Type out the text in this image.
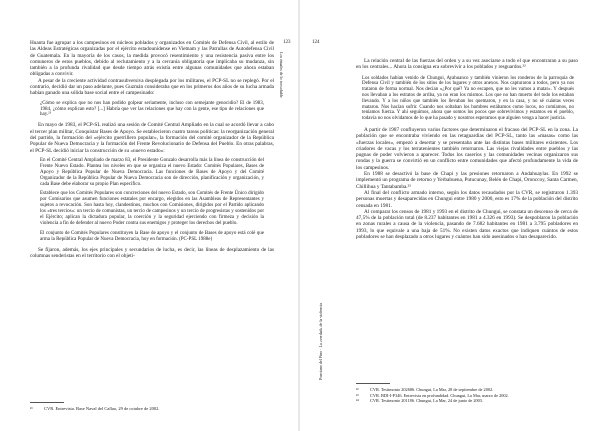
Huanta fue agrupar a los campesinos en núcleos poblados y organizados en Comités de Defensa Civil, al estilo de las Aldeas Estratégicas organizadas por el ejército estadounidense en Vietnam y las Patrullas de Autodefensa Civil de Guatemala. En la mayoría de los casos, la medida provocó resentimiento y una resistencia pasiva entre los comuneros de estos pueblos, debido al reclutamiento y a la cercanía obligatoria que implicaba su mudanza, sin también a la profunda rivalidad que desde tiempo atrás existía entre algunas comunidades que ahora estaban obligadas a convivir.

A pesar de la creciente actividad contrasubversiva desplegada por los militares, el PCP-SL no se replegó. Por el contrario, decidió dar un paso adelante, pues Guzmán consideraba que en los primeros dos años de su lucha armada habían ganado una sólida base social entre el campesinado:

¿Cómo se explica que no nos han podido golpear seriamente, incluso con semejante genocidio? El de 1983, 1984, ¿cómo explican esto? [...] Habría que ver las relaciones que hay con la gente, ese tipo de relaciones que hay.²¹

En mayo de 1983, el PCP-SL realizó una sesión de Comité Central Ampliado en la cual se acordó llevar a cabo el tercer plan militar, Conquistar Bases de Apoyo. Se establecieron cuatro tareas políticas: la reorganización general del partido, la formación del «ejército guerrillero popular», la formación del comité organizador de la República Popular de Nueva Democracia y la formación del Frente Revolucionario de Defensa del Pueblo. En otras palabras, el PCP-SL decidió iniciar la construcción de su «nuevo estado»:

En el Comité Central Ampliado de marzo 83, el Presidente Gonzalo desarrolla más la línea de construcción del Frente Nuevo Estado. Plantea los niveles en que se organiza el nuevo Estado: Comités Populares, Bases de Apoyo y República Popular de Nueva Democracia. Las funciones de Bases de Apoyo y del Comité Organizador de la República Popular de Nueva Democracia son de dirección, planificación y organización, y cada Base debe elaborar su propio Plan específico.

Establece que los Comités Populares son concreciones del nuevo Estado, son Comités de Frente Único dirigido por Comisarios que asumen funciones estatales por encargo, elegidos en las Asambleas de Representantes y sujetos a revocación. Son hasta hoy, clandestinos, muchos con Comisiones, dirigidos por el Partido aplicando los «tres tercios»: un tercio de comunistas, un tercio de campesinos y un tercio de progresistas y sostenidos por el Ejército; aplican la dictadura popular, la coerción y la seguridad ejerciendo con firmeza y decisión la violencia a fin de defender al nuevo Poder contra sus enemigos y proteger los derechos del pueblo.

El conjunto de Comités Populares constituyen la Base de apoyo y el conjunto de Bases de apoyo está colé que arma la República Popular de Nueva Democracia, hoy en formación. (PC-PSL 1988e)

Se fijaron, además, los ejes principales y secundarios de lucha, es decir, las líneas de desplazamiento de las columnas senderistas en el territorio con el objeti-

²¹	CVR. Entrevista. Base Naval del Callao, 29 de octubre de 2002.
123
Los rituales de lo irresoluble
124
Ponciano del Pino · La «verdad» de la violencia

La relación central de las fuerzas del orden y a su vez asociarse a todo el que encontraran a su paso en los centrales... Ahora la consigna era sobrevivir a los poblados y resguardos.²²

Los soldados habían venido de Chungui, Ayahuanco y también vinieron los ronderos de la parroquia de Defensa Civil y también de los sitios de los lugares y otros anexos. Nos capturaron a todos, pero ya nos trataron de forma normal. Nos decían «¿Por qué? Ya no escapen, que no les vamos a matar». Y después nos llevaban a los estratos de arriba, ya no eran los mismos. Los que no han muerto del todo los estaban llevando. Y a los niños que también los llevaban los quemaron, y en la casa, y no sé cuántas veces mataron. Nos hacían sufrir. Cuando nos soltaban los hombres estábamos como locos, no comíamos, no teníamos fuerza. Y ahí seguimos, ahora que somos los pocos que sobrevivimos y estamos en el pueblo, todavía no nos olvidamos de lo que ha pasado y nosotros esperamos que alguien venga a hacer justicia.

A partir de 1987 confluyeron varios factores que determinaron el fracaso del PCP-SL en la zona. La población que se encontraba viviendo en las retaguardias del PCP-SL, tanto las «masas» como las «fuerzas locales», empezó a desertar y se presentaba ante las distintas bases militares existentes. Los criadores de vacas y los terratenientes también retornaron. Las viejas rivalidades entre pueblos y las pugnas de poder volvieron a aparecer. Todos los caseríos y las comunidades vecinas organizaron sus rondas y la guerra se convirtió en un conflicto entre comunidades que afectó profundamente la vida de los campesinos.

En 1988 se desactivó la base de Chapi y las presiones retornaron a Andahuaylas. En 1992 se implementó un programa de retorno y Yerbabuena, Putucunay, Belén de Chapi, Oronccoy, Santa Carmen, Chillihua y Tantabamba.²³

Al final del conflicto armado interno, según los datos recaudados por la CVR, se registraron 1.393 personas muertas y desaparecidas en Chungui entre 1980 y 2000, esto es 17% de la población del distrito censada en 1981.

Al comparar los censos de 1981 y 1993 en el distrito de Chungui, se constata un descenso de cerca de 47,5% de la población total (de 8.237 habitantes en 1981 a 4.326 en 1993). Se despoblaron la población en zonas rurales a causa de la violencia, pasando de 7.682 habitantes en 1981 a 3.795 pobladores en 1993, lo que equivale a una baja de 51%. No existen datos exactos que indiquen cuántos de estos pobladores se han desplazado a otros lugares y cuántos han sido asesinados o han desaparecido.

²²	CVR. Testimonio 202686. Chungui, La Mar, 28 de septiembre de 2002.
²³	CVR. BDI-I-P346. Entrevista en profundidad. Chungui, La Mar, marzo de 2002.
²⁴	CVR. Testimonio 201186. Chungui, La Mar, 24 de junio de 2003.
